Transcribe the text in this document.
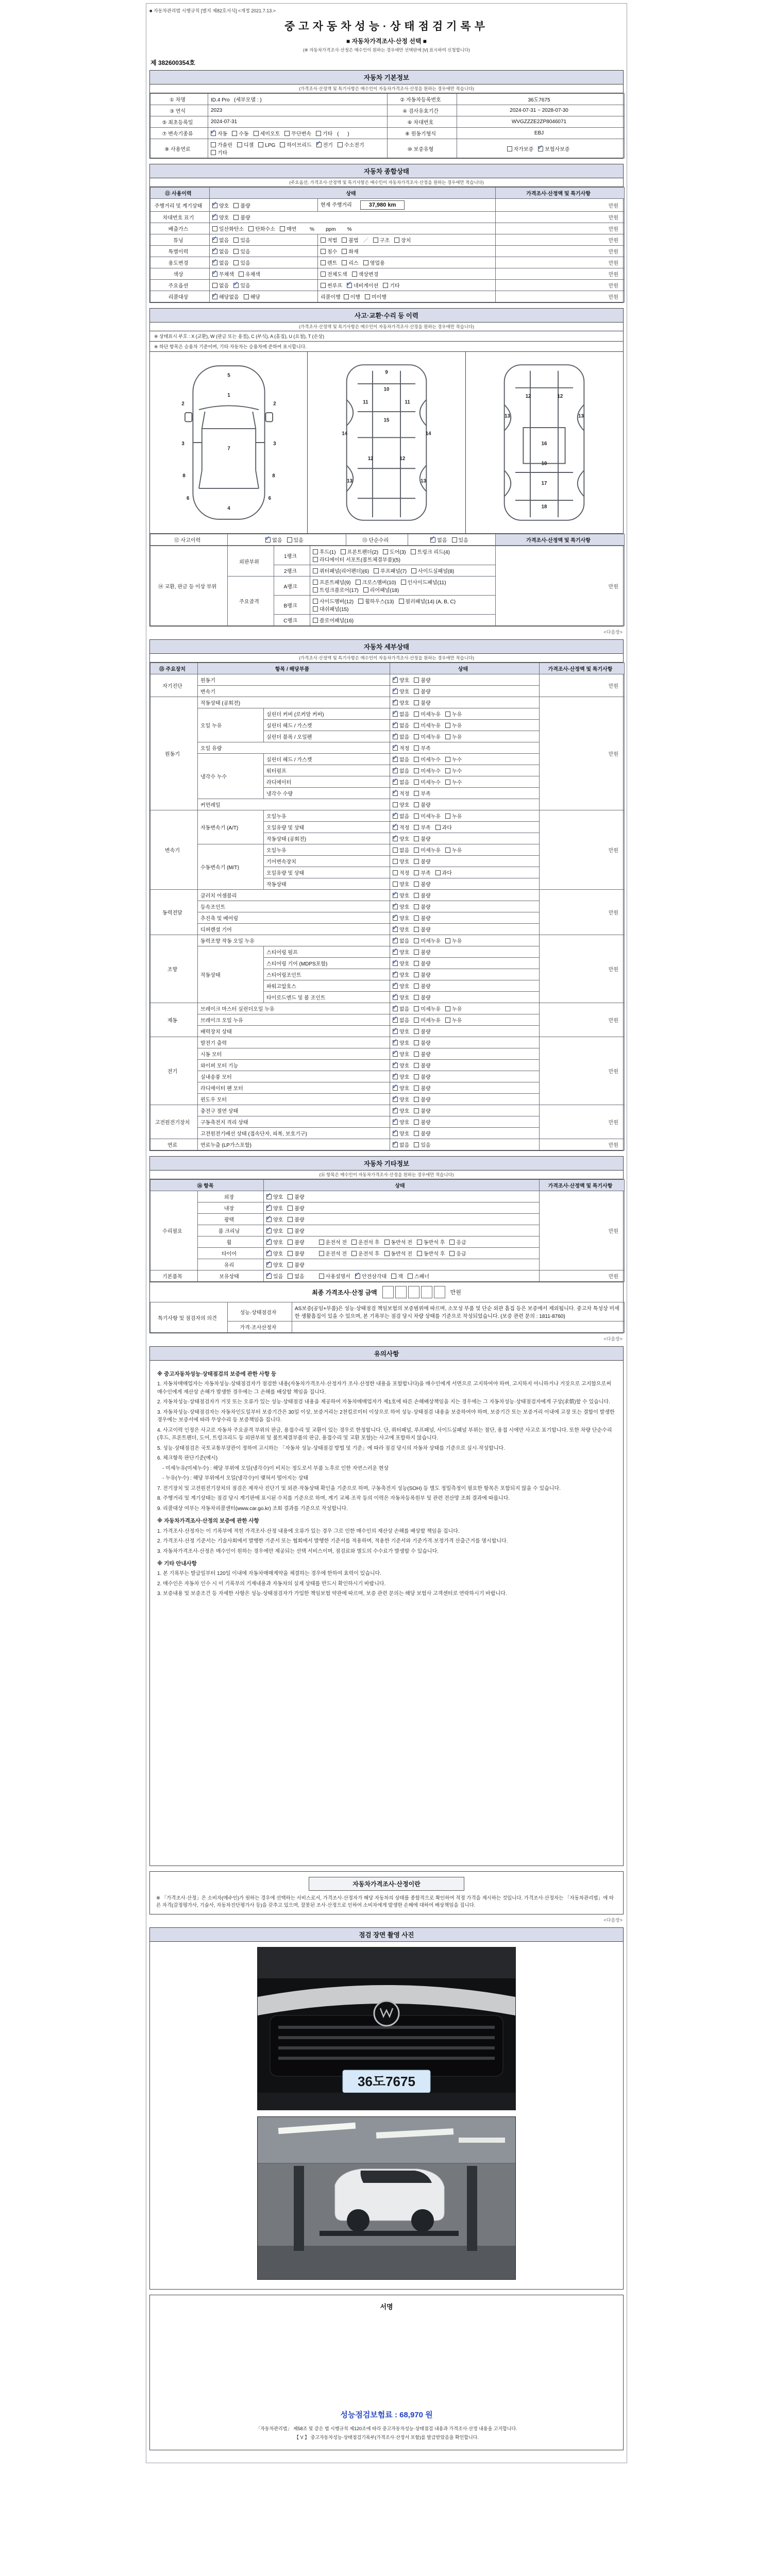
■ 자동차관리법 시행규칙 [별지 제82호서식] <개정 2021.7.13.>
중고자동차성능·상태점검기록부
■ 자동차가격조사·산정 선택 ■
(※ 자동차가격조사·산정은 매수인이 원하는 경우에만 선택란에 [V] 표시하여 신청합니다)
제 382600354호
자동차 기본정보
(가격조사·산정액 및 특기사항은 매수인이 자동차가격조사·산정을 원하는 경우에만 적습니다)
① 차명	ID.4 Pro   (세부모델 : )	② 자동차등록번호	36도7675
③ 연식	2023	④ 검사유효기간	2024-07-31 ~ 2028-07-30
⑤ 최초등록일	2024-07-31	⑥ 차대번호	WVGZZZE2ZP8046071
⑦ 변속기종류	✓자동 수동 세미오토 무단변속 기타 (      )	⑧ 원동기형식	EBJ
⑨ 사용연료	가솔린 디젤 LPG 하이브리드 ✓ 전기 수소전기기타	⑩ 보증유형	자가보증 ✓ 보험사보증
자동차 종합상태
(주요옵션, 가격조사·산정액 및 특기사항은 매수인이 자동차가격조사·산정을 원하는 경우에만 적습니다)
⑪ 사용이력	상태		가격조사·산정액 및 특기사항
주행거리 및 계기상태	✓양호 불량	현재 주행거리 37,980 km	만원
차대번호 표기	✓양호 불량		만원
배출가스	일산화탄소 탄화수소 매연      %        ppm        %		만원
튜닝	✓없음 있음	적법 불법 ／ 구조 장치	만원
특별이력	✓없음 있음	침수 화재	만원
용도변경	✓없음 있음	렌트 리스 영업용	만원
색상	✓무채색 유채색	전체도색 색상변경	만원
주요옵션	없음 ✓ 있음	썬루프 ✓ 네비게이션 기타	만원
리콜대상	✓해당없음 해당	리콜이행 이행 미이행	만원
사고·교환·수리 등 이력
(가격조사·산정액 및 특기사항은 매수인이 자동차가격조사·산정을 원하는 경우에만 적습니다)
※ 상태표시 부호 : X (교환), W (판금 또는 용접), C (부식), A (흠집), U (요철), T (손상)
※ 하단 항목은 승용차 기준이며, 기타 자동차는 승용차에 준하여 표시합니다.
5
1
2	2
3	3
7
8	8
6	6
4
9
10
11	11
15
14	14
12	12
13	13
12	12
13	13
16
10
17
18
⑫ 사고이력	✓없음 있음	⑬ 단순수리	✓없음 있음	가격조사·산정액 및 특기사항
⑭ 교환, 판금 등 이상 부위	외판부위	1랭크	후드(1) 프론트펜더(2) 도어(3) 트렁크 리드(4)라디에이터 서포트(볼트체결부품)(5)	만원
		2랭크	쿼터패널(리어펜더)(6) 루프패널(7) 사이드실패널(8)	
	주요골격	A랭크	프론트패널(9) 크로스멤버(10) 인사이드패널(11)트렁크플로어(17) 리어패널(18)	
		B랭크	사이드멤버(12) 휠하우스(13) 필러패널(14) (A, B, C)대쉬패널(15)	
		C랭크	플로어패널(16)	
<다음장>
자동차 세부상태
(가격조사·산정액 및 특기사항은 매수인이 자동차가격조사·산정을 원하는 경우에만 적습니다)
⑮ 주요장치	항목 / 해당부품		상태	가격조사·산정액 및 특기사항
자기진단	원동기	✓양호 불량	만원
	변속기	✓양호 불량
원동기	작동상태 (공회전)	✓양호 불량	만원
	오일 누유	실린더 커버 (로커암 커버)	✓없음 미세누유 누유
		실린더 헤드 / 가스켓	✓없음 미세누유 누유
		실린더 블록 / 오일팬	✓없음 미세누유 누유
	오일 유량	✓적정 부족
	냉각수 누수	실린더 헤드 / 가스켓	✓없음 미세누수 누수
		워터펌프	✓없음 미세누수 누수
		라디에이터	✓없음 미세누수 누수
		냉각수 수량	✓적정 부족
	커먼레일		양호 불량	
변속기	자동변속기 (A/T)	오일누유	✓없음 미세누유 누유	만원
		오일유량 및 상태	✓적정 부족 과다
		작동상태 (공회전)	✓양호 불량
	수동변속기 (M/T)	오일누유	없음 미세누유 누유	
		기어변속장치	양호 불량	
		오일유량 및 상태	적정 부족 과다	
		작동상태	양호 불량	
동력전달	클러치 어셈블리	✓양호 불량	만원
	등속조인트	✓양호 불량
	추진축 및 베어링	✓양호 불량
	디퍼렌셜 기어	✓양호 불량
조향	동력조향 작동 오일 누유	✓없음 미세누유 누유	만원
	작동상태	스티어링 펌프	✓양호 불량
		스티어링 기어 (MDPS포함)	✓양호 불량
		스티어링조인트	✓양호 불량
		파워고압호스	✓양호 불량
		타이로드엔드 및 볼 조인트	✓양호 불량
제동	브레이크 마스터 실린더오일 누유	✓없음 미세누유 누유	만원
	브레이크 오일 누유	✓없음 미세누유 누유
	배력장치 상태	✓양호 불량
전기	발전기 출력	✓양호 불량	만원
	시동 모터	✓양호 불량
	와이퍼 모터 기능	✓양호 불량
	실내송풍 모터	✓양호 불량
	라디에이터 팬 모터	✓양호 불량
	윈도우 모터	✓양호 불량
고전원전기장치	충전구 절연 상태	✓양호 불량	만원
	구동축전지 격리 상태	✓양호 불량
	고전원전기배선 상태 (접속단자, 피복, 보호기구)	✓양호 불량
연료	연료누출 (LP가스포함)	✓없음 있음	만원
자동차 기타정보
(⑯ 항목은 매수인이 자동차가격조사·산정을 원하는 경우에만 적습니다)
⑯ 항목		상태	가격조사·산정액 및 특기사항
수리필요	외장	✓양호 불량	만원
	내장	✓양호 불량
	광택	✓양호 불량
	룸 크리닝	✓양호 불량
	휠	✓양호 불량　 운전석 전 운전석 후 동반석 전 동반석 후 응급
	타이어	✓양호 불량　 운전석 전 운전석 후 동반석 전 동반석 후 응급
	유리	✓양호 불량
기본품목	보유상태	✓있음 없음　 사용설명서 ✓ 안전삼각대 잭 스패너	만원
최종 가격조사·산정 금액	만원
특기사항 및 점검자의 의견	성능·상태점검자	AS보증(공임+부품)은 성능·상태점검 책임보험의 보증범위에 따르며, 소모성 부품 및 단순 외관 흠집 등은 보증에서 제외됩니다. 중고차 특성상 미세한 생활흠집이 있을 수 있으며, 본 기록부는 점검 당시 차량 상태를 기준으로 작성되었습니다. (보증 관련 문의 : 1811-8760)
	가격·조사산정자	
<다음장>
유의사항
※ 중고자동차성능·상태점검의 보증에 관한 사항 등
1. 자동차매매업자는 자동차성능·상태점검자가 점검한 내용(자동차가격조사·산정자가 조사·산정한 내용을 포함합니다)을 매수인에게 서면으로 고지하여야 하며, 고지하지 아니하거나 거짓으로 고지함으로써 매수인에게 재산상 손해가 발생한 경우에는 그 손해를 배상할 책임을 집니다.
2. 자동차성능·상태점검자가 거짓 또는 오류가 있는 성능·상태점검 내용을 제공하여 자동차매매업자가 제1호에 따른 손해배상책임을 지는 경우에는 그 자동차성능·상태점검자에게 구상(求償)할 수 있습니다.
3. 자동차성능·상태점검자는 자동차인도일부터 보증기간은 30일 이상, 보증거리는 2천킬로미터 이상으로 하여 성능·상태점검 내용을 보증하여야 하며, 보증기간 또는 보증거리 이내에 고장 또는 결함이 발생한 경우에는 보증서에 따라 무상수리 등 보증책임을 집니다.
4. 사고이력 인정은 사고로 자동차 주요골격 부위의 판금, 용접수리 및 교환이 있는 경우로 한정합니다. 단, 쿼터패널, 루프패널, 사이드실패널 부위는 절단, 용접 시에만 사고로 표기합니다. 또한 차량 단순수리(후드, 프론트펜더, 도어, 트렁크리드 등 외판부위 및 볼트체결부품의 판금, 용접수리 및 교환 포함)는 사고에 포함하지 않습니다.
5. 성능·상태점검은 국토교통부장관이 정하여 고시하는 「자동차 성능·상태점검 방법 및 기준」에 따라 점검 당시의 자동차 상태를 기준으로 실시·작성합니다.
6. 체크항목 판단기준(예시)
　- 미세누유(미세누수) : 해당 부위에 오일(냉각수)이 비치는 정도로서 부품 노후로 인한 자연스러운 현상
　- 누유(누수) : 해당 부위에서 오일(냉각수)이 맺혀서 떨어지는 상태
7. 전기장치 및 고전원전기장치의 점검은 제작사 진단기 및 외관·작동상태 확인을 기준으로 하며, 구동축전지 성능(SOH) 등 별도 정밀측정이 필요한 항목은 포함되지 않을 수 있습니다.
8. 주행거리 및 계기상태는 점검 당시 계기판에 표시된 수치를 기준으로 하며, 계기 교체·조작 등의 이력은 자동차등록원부 및 관련 전산망 조회 결과에 따릅니다.
9. 리콜대상 여부는 자동차리콜센터(www.car.go.kr) 조회 결과를 기준으로 작성합니다.
※ 자동차가격조사·산정의 보증에 관한 사항
1. 가격조사·산정자는 이 기록부에 적힌 가격조사·산정 내용에 오류가 있는 경우 그로 인한 매수인의 재산상 손해를 배상할 책임을 집니다.
2. 가격조사·산정 기준서는 기술사회에서 발행한 기준서 또는 협회에서 발행한 기준서를 적용하며, 적용한 기준서와 기준가격·보정가격 산출근거를 명시합니다.
3. 자동차가격조사·산정은 매수인이 원하는 경우에만 제공되는 선택 서비스이며, 점검료와 별도의 수수료가 발생할 수 있습니다.
※ 기타 안내사항
1. 본 기록부는 발급일부터 120일 이내에 자동차매매계약을 체결하는 경우에 한하여 효력이 있습니다.
2. 매수인은 자동차 인수 시 이 기록부의 기재내용과 자동차의 실제 상태를 반드시 확인하시기 바랍니다.
3. 보증내용 및 보증조건 등 자세한 사항은 성능·상태점검자가 가입한 책임보험 약관에 따르며, 보증 관련 문의는 해당 보험사 고객센터로 연락하시기 바랍니다.
자동차가격조사·산정이란
※ 「가격조사·산정」은 소비자(매수인)가 원하는 경우에 선택하는 서비스로서, 가격조사·산정자가 해당 자동차의 상태를 종합적으로 확인하여 적정 가격을 제시하는 것입니다. 가격조사·산정자는 「자동차관리법」에 따른 자격(감정평가사, 기술사, 자동차진단평가사 등)을 갖추고 있으며, 잘못된 조사·산정으로 인하여 소비자에게 발생한 손해에 대하여 배상책임을 집니다.
<다음장>
점검 장면 촬영 사진
36도7675
서명
성능점검보험료 : 68,970 원
「자동차관리법」 제58조 및 같은 법 시행규칙 제120조에 따라 중고자동차성능·상태점검 내용과 가격조사·산정 내용을 고지합니다.
【 V 】 중고자동차성능·상태점검기록부(가격조사·산정서 포함)를 발급받았음을 확인합니다.
